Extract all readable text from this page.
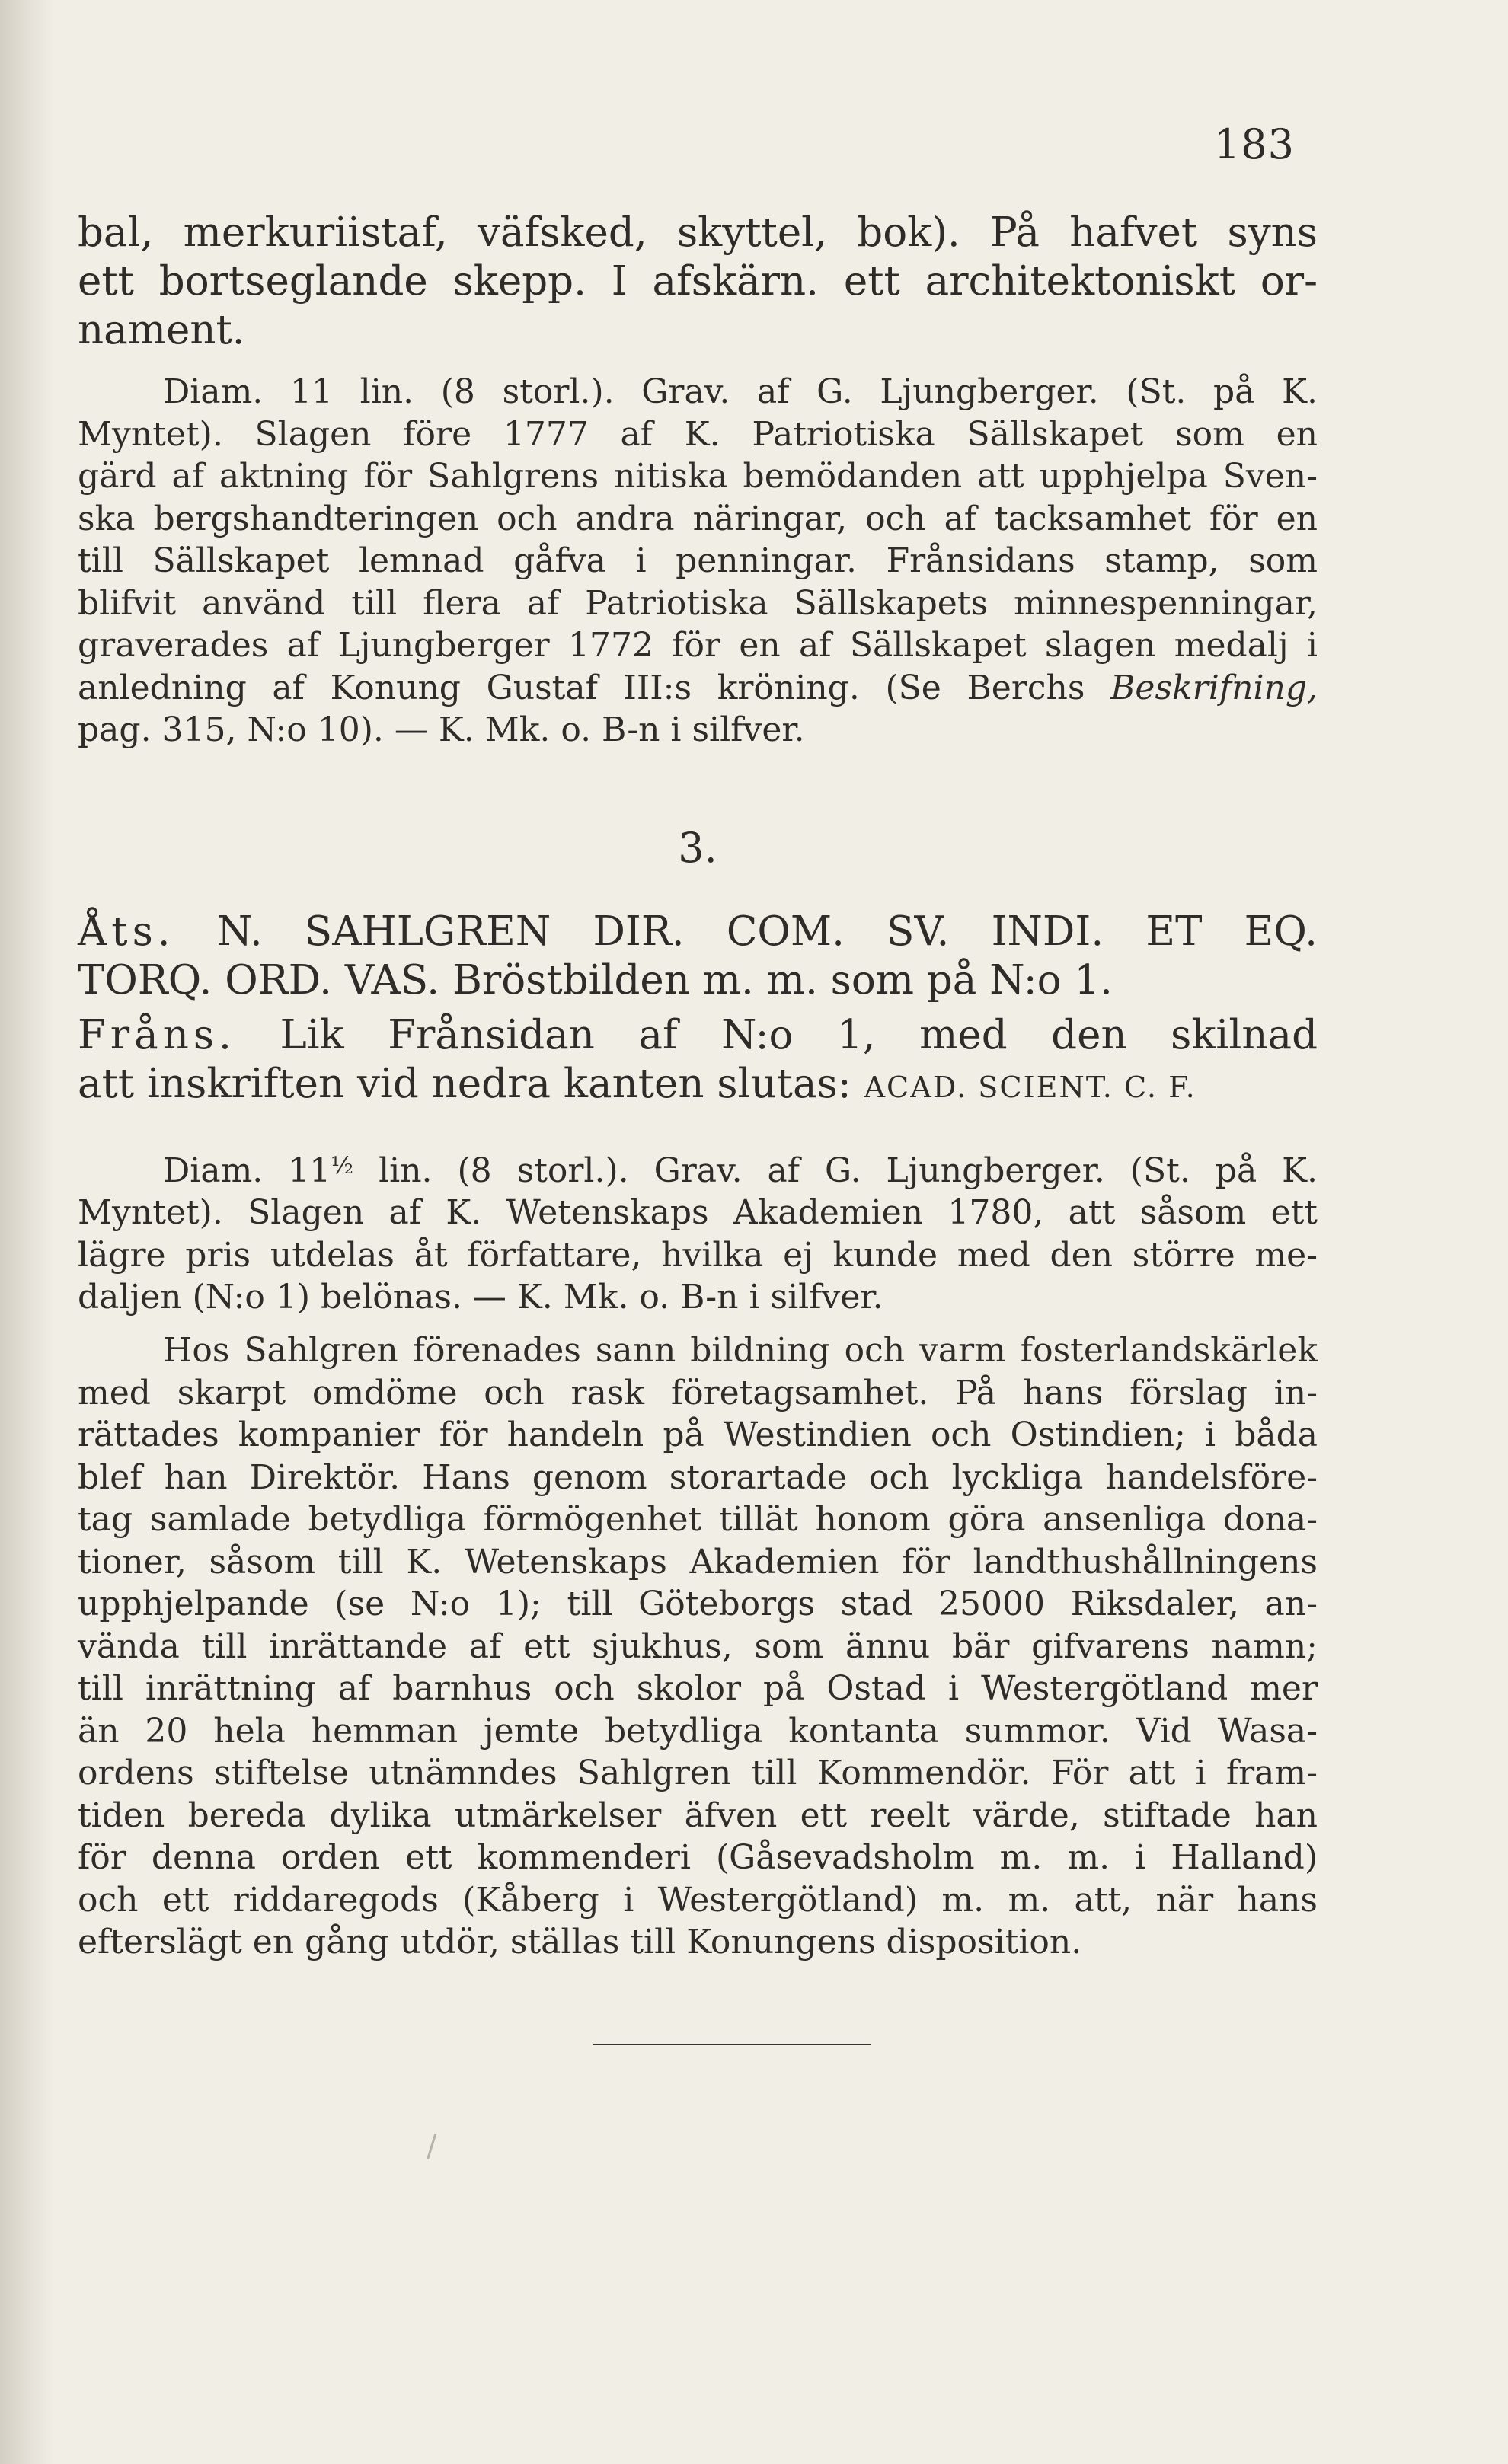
183
bal, merkuriistaf, väfsked, skyttel, bok). På hafvet syns
ett bortseglande skepp. I afskärn. ett architektoniskt or-
nament.
Diam. 11 lin. (8 storl.). Grav. af G. Ljungberger. (St. på K.
Myntet). Slagen före 1777 af K. Patriotiska Sällskapet som en
gärd af aktning för Sahlgrens nitiska bemödanden att upphjelpa Sven-
ska bergshandteringen och andra näringar, och af tacksamhet för en
till Sällskapet lemnad gåfva i penningar. Frånsidans stamp, som
blifvit använd till flera af Patriotiska Sällskapets minnespenningar,
graverades af Ljungberger 1772 för en af Sällskapet slagen medalj i
anledning af Konung Gustaf III:s kröning. (Se Berchs Beskrifning,
pag. 315, N:o 10). — K. Mk. o. B-n i silfver.
3.
Åts. N. SAHLGREN DIR. COM. SV. INDI. ET EQ.
TORQ. ORD. VAS. Bröstbilden m. m. som på N:o 1.
Fråns. Lik Frånsidan af N:o 1, med den skilnad
att inskriften vid nedra kanten slutas: ACAD. SCIENT. C. F.
Diam. $11^{\frac{1}{2}}$ lin. (8 storl.). Grav. af G. Ljungberger. (St. på K.
Myntet). Slagen af K. Wetenskaps Akademien 1780, att såsom ett
lägre pris utdelas åt författare, hvilka ej kunde med den större me-
daljen (N:o 1) belönas. — K. Mk. o. B-n i silfver.
Hos Sahlgren förenades sann bildning och varm fosterlandskärlek
med skarpt omdöme och rask företagsamhet. På hans förslag in-
rättades kompanier för handeln på Westindien och Ostindien; i båda
blef han Direktör. Hans genom storartade och lyckliga handelsföre-
tag samlade betydliga förmögenhet tillät honom göra ansenliga dona-
tioner, såsom till K. Wetenskaps Akademien för landthushållningens
upphjelpande (se N:o 1); till Göteborgs stad 25000 Riksdaler, an-
vända till inrättande af ett sjukhus, som ännu bär gifvarens namn;
till inrättning af barnhus och skolor på Ostad i Westergötland mer
än 20 hela hemman jemte betydliga kontanta summor. Vid Wasa-
ordens stiftelse utnämndes Sahlgren till Kommendör. För att i fram-
tiden bereda dylika utmärkelser äfven ett reelt värde, stiftade han
för denna orden ett kommenderi (Gåsevadsholm m. m. i Halland)
och ett riddaregods (Kåberg i Westergötland) m. m. att, när hans
efterslägt en gång utdör, ställas till Konungens disposition.
/
